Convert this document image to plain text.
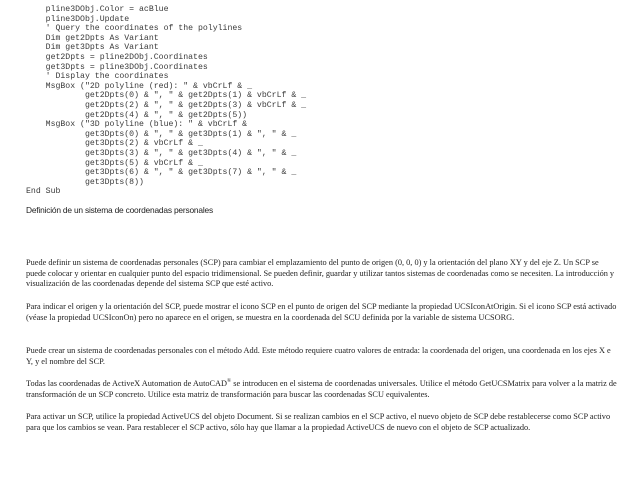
pline3DObj.Color = acBlue
pline3DObj.Update
' Query the coordinates of the polylines
Dim get2Dpts As Variant
Dim get3Dpts As Variant
get2Dpts = pline2DObj.Coordinates
get3Dpts = pline3DObj.Coordinates
' Display the coordinates
MsgBox ("2D polyline (red): " & vbCrLf & _
get2Dpts(0) & ", " & get2Dpts(1) & vbCrLf & _
get2Dpts(2) & ", " & get2Dpts(3) & vbCrLf & _
get2Dpts(4) & ", " & get2Dpts(5))
MsgBox ("3D polyline (blue): " & vbCrLf &
get3Dpts(0) & ", " & get3Dpts(1) & ", " & _
get3Dpts(2) & vbCrLf & _
get3Dpts(3) & ", " & get3Dpts(4) & ", " & _
get3Dpts(5) & vbCrLf & _
get3Dpts(6) & ", " & get3Dpts(7) & ", " & _
get3Dpts(8))
End Sub
Definición de un sistema de coordenadas personales

Puede definir un sistema de coordenadas personales (SCP) para cambiar el emplazamiento del punto de origen (0, 0, 0) y la orientación del plano XY y del eje Z. Un SCP se puede colocar y orientar en cualquier punto del espacio tridimensional. Se pueden definir, guardar y utilizar tantos sistemas de coordenadas como se necesiten. La introducción y visualización de las coordenadas depende del sistema SCP que esté activo.

Para indicar el origen y la orientación del SCP, puede mostrar el icono SCP en el punto de origen del SCP mediante la propiedad UCSIconAtOrigin. Si el icono SCP está activado (véase la propiedad UCSIconOn) pero no aparece en el origen, se muestra en la coordenada del SCU definida por la variable de sistema UCSORG.

Puede crear un sistema de coordenadas personales con el método Add. Este método requiere cuatro valores de entrada: la coordenada del origen, una coordenada en los ejes X e Y, y el nombre del SCP.

Todas las coordenadas de ActiveX Automation de AutoCAD® se introducen en el sistema de coordenadas universales. Utilice el método GetUCSMatrix para volver a la matriz de transformación de un SCP concreto. Utilice esta matriz de transformación para buscar las coordenadas SCU equivalentes.

Para activar un SCP, utilice la propiedad ActiveUCS del objeto Document. Si se realizan cambios en el SCP activo, el nuevo objeto de SCP debe restablecerse como SCP activo para que los cambios se vean. Para restablecer el SCP activo, sólo hay que llamar a la propiedad ActiveUCS de nuevo con el objeto de SCP actualizado.
